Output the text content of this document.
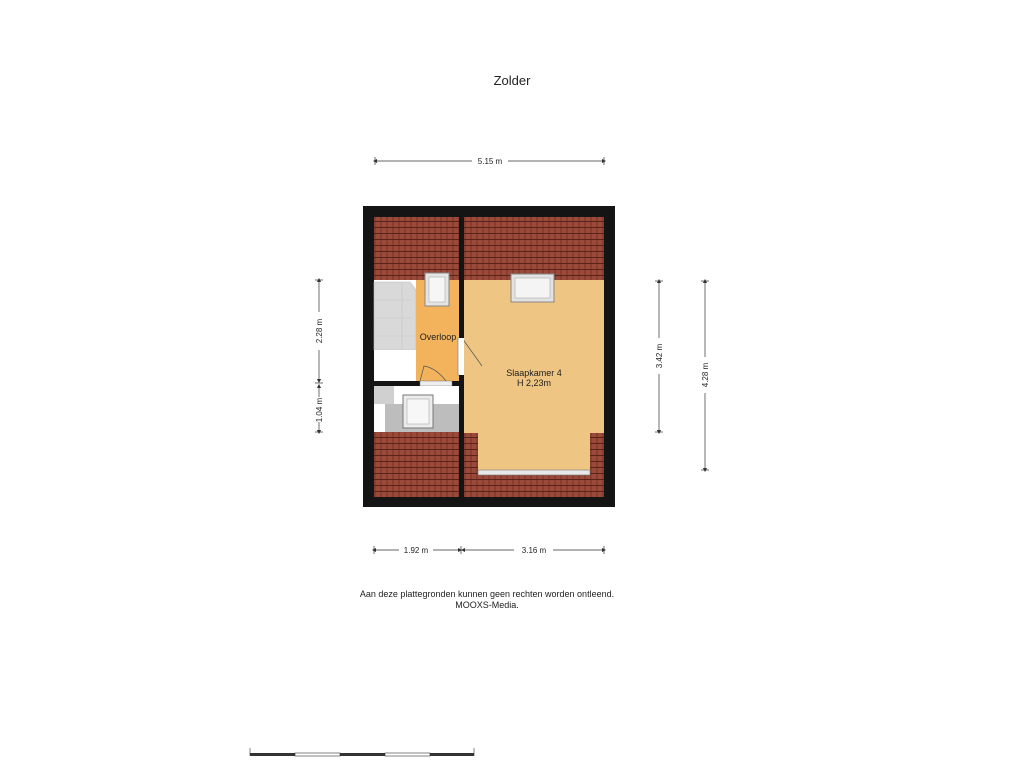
Zolder
Overloop
Slaapkamer 4
H 2,23m
5.15 m
1.92 m	3.16 m
2.28 m
1.04 m
3.42 m
4.28 m
Aan deze plattegronden kunnen geen rechten worden ontleend.
MOOXS-Media.
